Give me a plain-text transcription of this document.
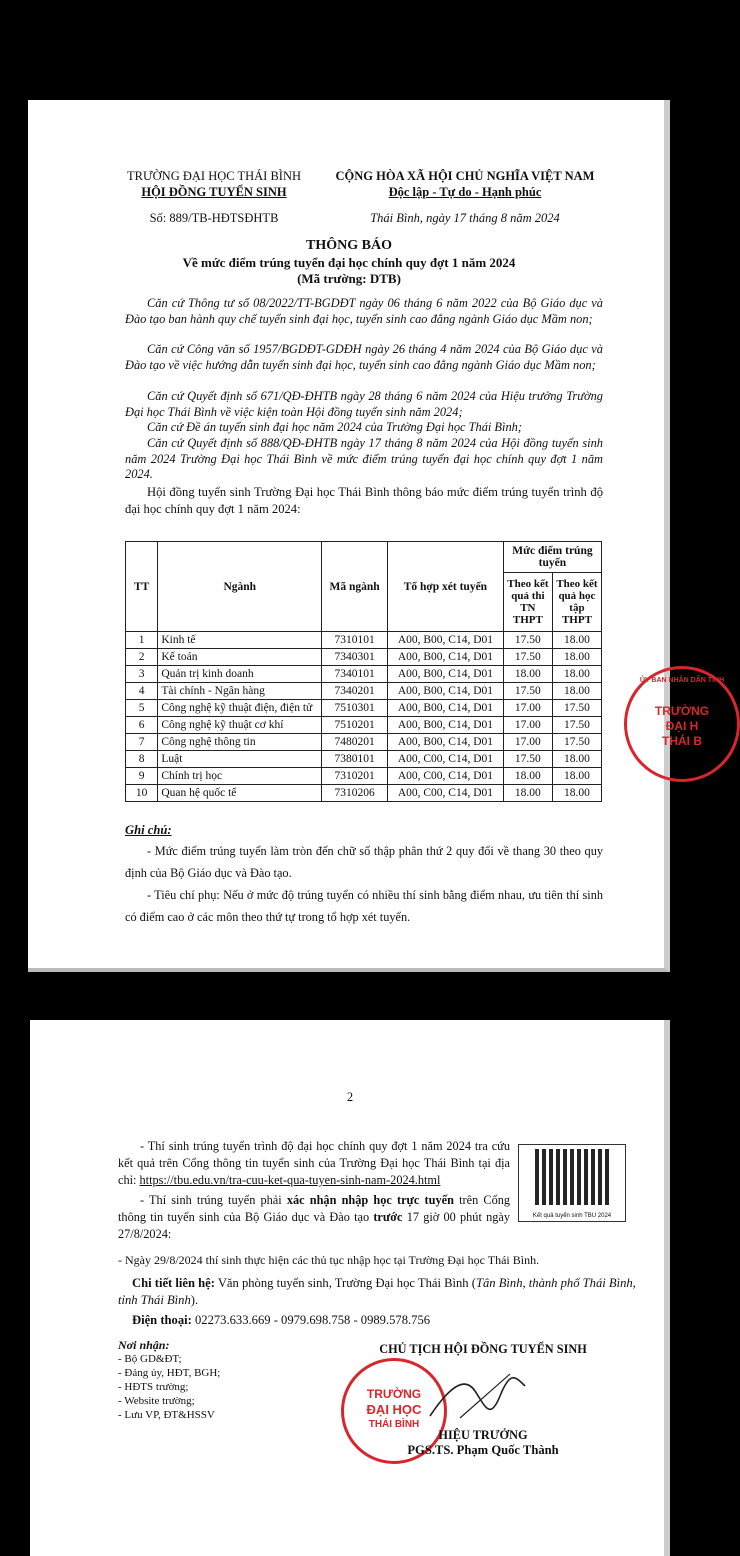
TRƯỜNG ĐẠI HỌC THÁI BÌNH
HỘI ĐỒNG TUYỂN SINH
Số: 889/TB-HĐTSĐHTB
CỘNG HÒA XÃ HỘI CHỦ NGHĨA VIỆT NAM
Độc lập - Tự do - Hạnh phúc
Thái Bình, ngày 17 tháng 8 năm 2024
THÔNG BÁO
Về mức điểm trúng tuyển đại học chính quy đợt 1 năm 2024
(Mã trường: DTB)
Căn cứ Thông tư số 08/2022/TT-BGDĐT ngày 06 tháng 6 năm 2022 của Bộ Giáo dục và Đào tạo ban hành quy chế tuyển sinh đại học, tuyển sinh cao đẳng ngành Giáo dục Mầm non;
Căn cứ Công văn số 1957/BGDĐT-GDĐH ngày 26 tháng 4 năm 2024 của Bộ Giáo dục và Đào tạo về việc hướng dẫn tuyển sinh đại học, tuyển sinh cao đẳng ngành Giáo dục Mầm non;
Căn cứ Quyết định số 671/QĐ-ĐHTB ngày 28 tháng 6 năm 2024 của Hiệu trưởng Trường Đại học Thái Bình về việc kiện toàn Hội đồng tuyển sinh năm 2024;
Căn cứ Đề án tuyển sinh đại học năm 2024 của Trường Đại học Thái Bình;
Căn cứ Quyết định số 888/QĐ-ĐHTB ngày 17 tháng 8 năm 2024 của Hội đồng tuyển sinh năm 2024 Trường Đại học Thái Bình về mức điểm trúng tuyển đại học chính quy đợt 1 năm 2024.
Hội đồng tuyển sinh Trường Đại học Thái Bình thông báo mức điểm trúng tuyển trình độ đại học chính quy đợt 1 năm 2024:
TT	Ngành	Mã ngành	Tổ hợp xét tuyển	Mức điểm trúng tuyển	
				Theo kết quả thi TN THPT	Theo kết quả học tập THPT
1	Kinh tế	7310101	A00, B00, C14, D01	17.50	18.00
2	Kế toán	7340301	A00, B00, C14, D01	17.50	18.00
3	Quản trị kinh doanh	7340101	A00, B00, C14, D01	18.00	18.00
4	Tài chính - Ngân hàng	7340201	A00, B00, C14, D01	17.50	18.00
5	Công nghệ kỹ thuật điện, điện tử	7510301	A00, B00, C14, D01	17.00	17.50
6	Công nghệ kỹ thuật cơ khí	7510201	A00, B00, C14, D01	17.00	17.50
7	Công nghệ thông tin	7480201	A00, B00, C14, D01	17.00	17.50
8	Luật	7380101	A00, C00, C14, D01	17.50	18.00
9	Chính trị học	7310201	A00, C00, C14, D01	18.00	18.00
10	Quan hệ quốc tế	7310206	A00, C00, C14, D01	18.00	18.00
Ghi chú:
- Mức điểm trúng tuyển làm tròn đến chữ số thập phân thứ 2 quy đổi về thang 30 theo quy định của Bộ Giáo dục và Đào tạo.
- Tiêu chí phụ: Nếu ở mức độ trúng tuyển có nhiều thí sinh bằng điểm nhau, ưu tiên thí sinh có điểm cao ở các môn theo thứ tự trong tổ hợp xét tuyển.
ỦY BAN NHÂN DÂN TỈNH
TRƯỜNG
ĐẠI H
THÁI B
2
- Thí sinh trúng tuyển trình độ đại học chính quy đợt 1 năm 2024 tra cứu kết quả trên Cổng thông tin tuyển sinh của Trường Đại học Thái Bình tại địa chỉ: https://tbu.edu.vn/tra-cuu-ket-qua-tuyen-sinh-nam-2024.html
- Thí sinh trúng tuyển phải xác nhận nhập học trực tuyến trên Cổng thông tin tuyển sinh của Bộ Giáo dục và Đào tạo trước 17 giờ 00 phút ngày 27/8/2024:
Kết quả tuyển sinh TBU 2024
- Ngày 29/8/2024 thí sinh thực hiện các thủ tục nhập học tại Trường Đại học Thái Bình.
Chi tiết liên hệ: Văn phòng tuyển sinh, Trường Đại học Thái Bình (Tân Bình, thành phố Thái Bình, tỉnh Thái Bình).
Điện thoại: 02273.633.669 - 0979.698.758 - 0989.578.756
Nơi nhận:
- Bộ GD&ĐT;
- Đảng ủy, HĐT, BGH;
- HĐTS trường;
- Website trường;
- Lưu VP, ĐT&HSSV
CHỦ TỊCH HỘI ĐỒNG TUYỂN SINH
TRƯỜNG
ĐẠI HỌC
THÁI BÌNH
HIỆU TRƯỞNG
PGS.TS. Phạm Quốc Thành
